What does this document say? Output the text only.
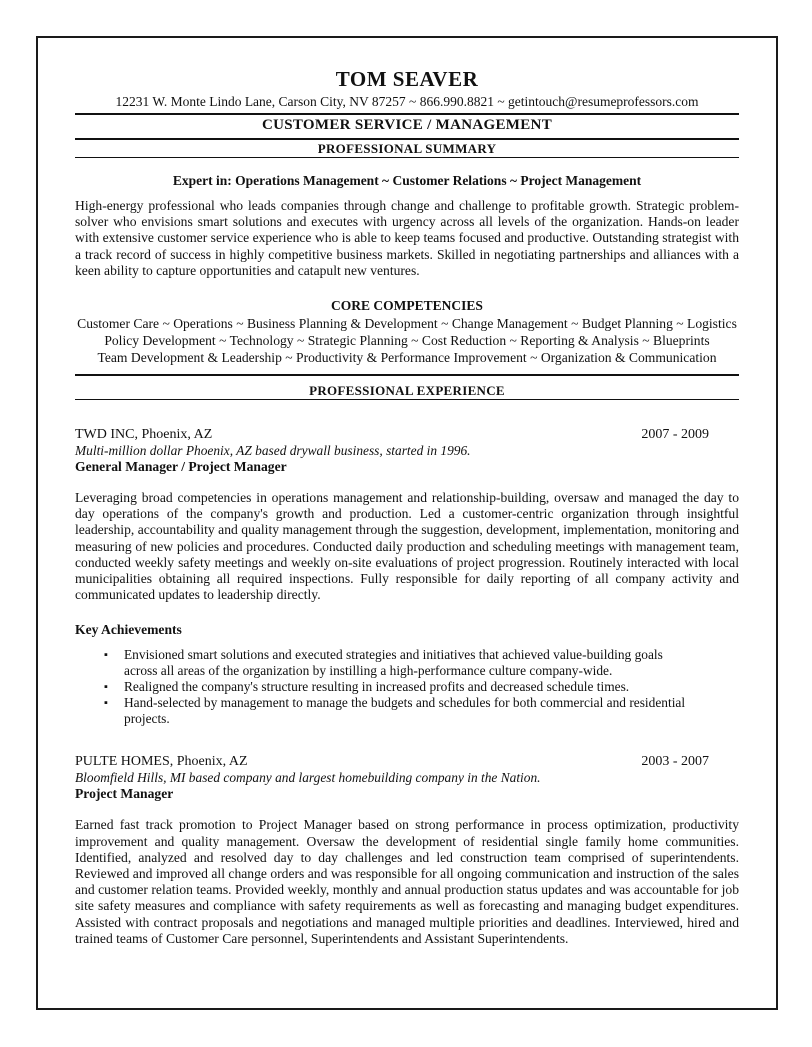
TOM SEAVER
12231 W. Monte Lindo Lane, Carson City, NV 87257 ~ 866.990.8821 ~ getintouch@resumeprofessors.com
CUSTOMER SERVICE / MANAGEMENT
PROFESSIONAL SUMMARY
Expert in: Operations Management ~ Customer Relations ~ Project Management
High-energy professional who leads companies through change and challenge to profitable growth. Strategic problem-solver who envisions smart solutions and executes with urgency across all levels of the organization. Hands-on leader with extensive customer service experience who is able to keep teams focused and productive. Outstanding strategist with a track record of success in highly competitive business markets. Skilled in negotiating partnerships and alliances with a keen ability to capture opportunities and catapult new ventures.
CORE COMPETENCIES
Customer Care ~ Operations ~ Business Planning & Development ~ Change Management ~ Budget Planning ~ Logistics
Policy Development ~ Technology ~ Strategic Planning ~ Cost Reduction ~ Reporting & Analysis ~ Blueprints
Team Development & Leadership ~ Productivity & Performance Improvement ~ Organization & Communication
PROFESSIONAL EXPERIENCE
TWD INC, Phoenix, AZ	2007 - 2009
Multi-million dollar Phoenix, AZ based drywall business, started in 1996.
General Manager / Project Manager
Leveraging broad competencies in operations management and relationship-building, oversaw and managed the day to day operations of the company's growth and production. Led a customer-centric organization through insightful leadership, accountability and quality management through the suggestion, development, implementation, monitoring and measuring of new policies and procedures. Conducted daily production and scheduling meetings with management team, conducted weekly safety meetings and weekly on-site evaluations of project progression. Routinely interacted with local municipalities obtaining all required inspections. Fully responsible for daily reporting of all company activity and communicated updates to leadership directly.
Key Achievements
▪ Envisioned smart solutions and executed strategies and initiatives that achieved value-building goals across all areas of the organization by instilling a high-performance culture company-wide.
▪ Realigned the company's structure resulting in increased profits and decreased schedule times.
▪ Hand-selected by management to manage the budgets and schedules for both commercial and residential projects.
PULTE HOMES, Phoenix, AZ	2003 - 2007
Bloomfield Hills, MI based company and largest homebuilding company in the Nation.
Project Manager
Earned fast track promotion to Project Manager based on strong performance in process optimization, productivity improvement and quality management. Oversaw the development of residential single family home communities. Identified, analyzed and resolved day to day challenges and led construction team comprised of superintendents. Reviewed and improved all change orders and was responsible for all ongoing communication and instruction of the sales and customer relation teams. Provided weekly, monthly and annual production status updates and was accountable for job site safety measures and compliance with safety requirements as well as forecasting and managing budget expenditures. Assisted with contract proposals and negotiations and managed multiple priorities and deadlines. Interviewed, hired and trained teams of Customer Care personnel, Superintendents and Assistant Superintendents.
